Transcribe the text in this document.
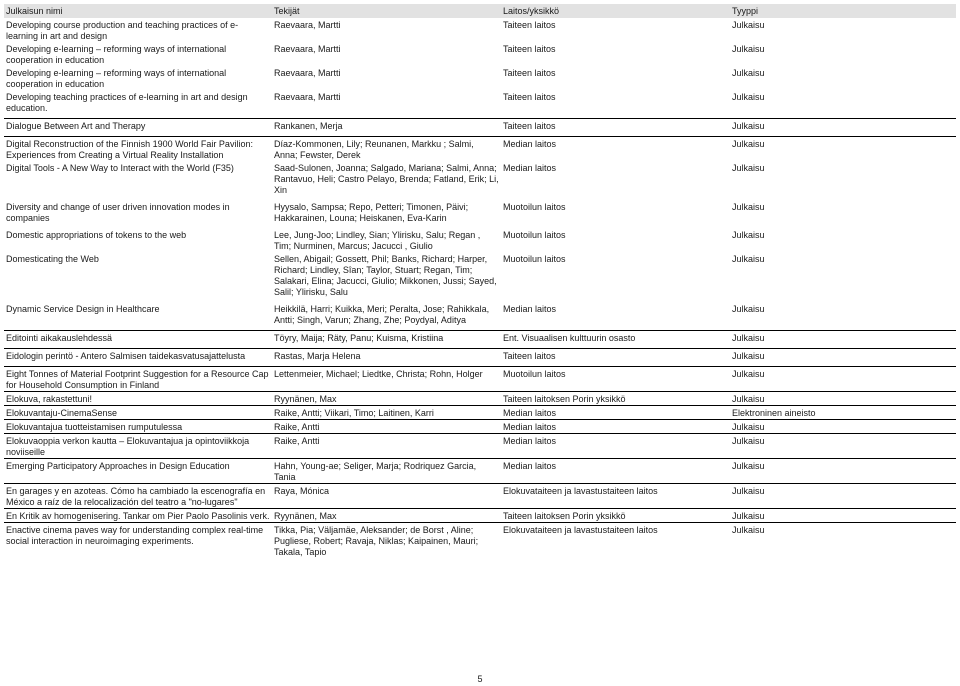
Julkaisun nimi	Tekijät	Laitos/yksikkö	Tyyppi
Developing course production and teaching practices of e-learning in art and design	Raevaara, Martti	Taiteen laitos	Julkaisu
Developing e-learning – reforming ways of international cooperation in education	Raevaara, Martti	Taiteen laitos	Julkaisu
Developing e-learning – reforming ways of international cooperation in education	Raevaara, Martti	Taiteen laitos	Julkaisu
Developing teaching practices of e-learning in art and design education.	Raevaara, Martti	Taiteen laitos	Julkaisu
Dialogue Between Art and Therapy	Rankanen, Merja	Taiteen laitos	Julkaisu
Digital Reconstruction of the Finnish 1900 World Fair Pavilion: Experiences from Creating a Virtual Reality Installation	Díaz-Kommonen, Lily; Reunanen, Markku ; Salmi, Anna; Fewster, Derek	Median laitos	Julkaisu
Digital Tools - A New Way to Interact with the World (F35)	Saad-Sulonen, Joanna; Salgado, Mariana; Salmi, Anna; Rantavuo, Heli; Castro Pelayo, Brenda; Fatland, Erik; Li, Xin	Median laitos	Julkaisu
Diversity and change of user driven innovation modes in companies	Hyysalo, Sampsa; Repo, Petteri; Timonen, Päivi; Hakkarainen, Louna; Heiskanen, Eva-Karin	Muotoilun laitos	Julkaisu
Domestic appropriations of tokens to the web	Lee, Jung-Joo; Lindley, Sian; Ylirisku, Salu; Regan , Tim; Nurminen, Marcus; Jacucci , Giulio	Muotoilun laitos	Julkaisu
Domesticating the Web	Sellen, Abigail; Gossett, Phil; Banks, Richard; Harper, Richard; Lindley, Sîan; Taylor, Stuart; Regan, Tim; Salakari, Elina; Jacucci, Giulio; Mikkonen, Jussi; Sayed, Salil; Ylirisku, Salu	Muotoilun laitos	Julkaisu
Dynamic Service Design in Healthcare	Heikkilä, Harri; Kuikka, Meri; Peralta, Jose; Rahikkala, Antti; Singh, Varun; Zhang, Zhe; Poydyal, Aditya	Median laitos	Julkaisu
Editointi aikakauslehdessä	Töyry, Maija; Räty, Panu; Kuisma, Kristiina	Ent. Visuaalisen kulttuurin osasto	Julkaisu
Eidologin perintö - Antero Salmisen taidekasvatusajattelusta	Rastas, Marja Helena	Taiteen laitos	Julkaisu
Eight Tonnes of Material Footprint Suggestion for a Resource Cap for Household Consumption in Finland	Lettenmeier, Michael; Liedtke, Christa; Rohn, Holger	Muotoilun laitos	Julkaisu
Elokuva, rakastettuni!	Ryynänen, Max	Taiteen laitoksen Porin yksikkö	Julkaisu
Elokuvantaju-CinemaSense	Raike, Antti; Viikari, Timo; Laitinen, Karri	Median laitos	Elektroninen aineisto
Elokuvantajua tuotteistamisen rumputulessa	Raike, Antti	Median laitos	Julkaisu
Elokuvaoppia verkon kautta – Elokuvantajua ja opintoviikkoja noviiseille	Raike, Antti	Median laitos	Julkaisu
Emerging Participatory Approaches in Design Education	Hahn, Young-ae; Seliger, Marja; Rodriquez Garcia, Tania	Median laitos	Julkaisu
En garages y en azoteas. Cómo ha cambiado la escenografía en México a raíz de la relocalización del teatro a "no-lugares"	Raya, Mónica	Elokuvataiteen ja lavastustaiteen laitos	Julkaisu
En Kritik av homogenisering. Tankar om Pier Paolo Pasolinis verk.	Ryynänen, Max	Taiteen laitoksen Porin yksikkö	Julkaisu
Enactive cinema paves way for understanding complex real-time social interaction in neuroimaging experiments.	Tikka, Pia; Väljamäe, Aleksander; de Borst , Aline; Pugliese, Robert; Ravaja, Niklas; Kaipainen, Mauri; Takala, Tapio	Elokuvataiteen ja lavastustaiteen laitos	Julkaisu
5
